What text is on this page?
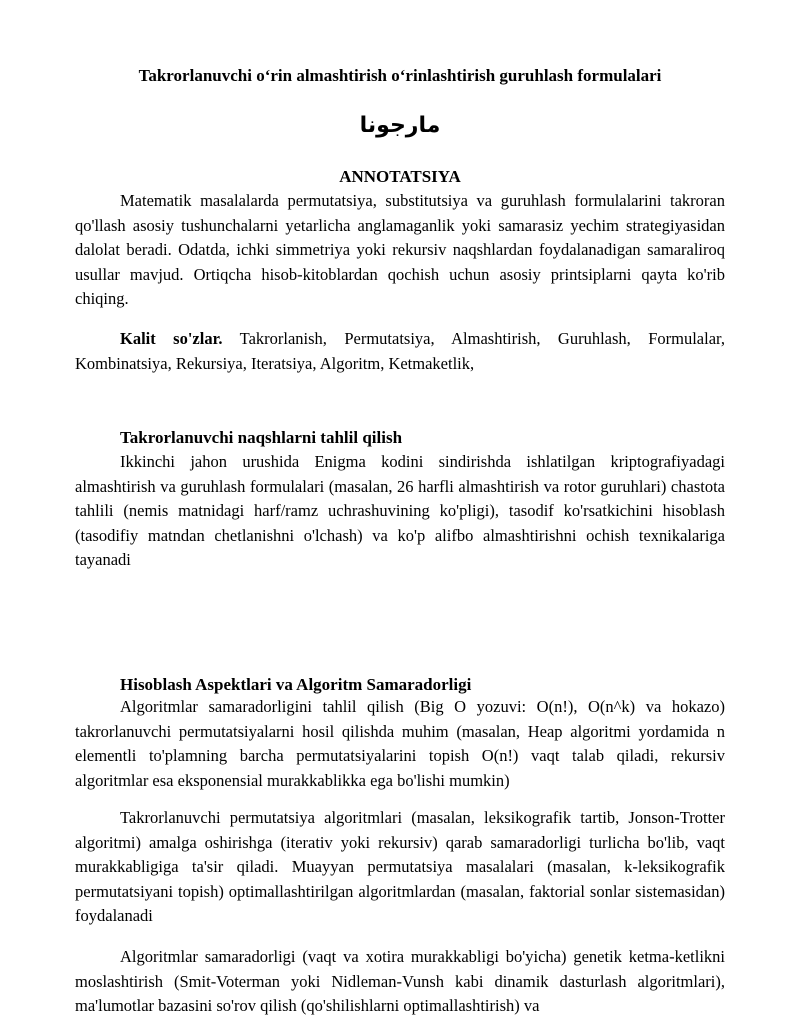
Takrorlanuvchi o‘rin almashtirish o‘rinlashtirish guruhlash formulalari
مارجونا
ANNOTATSIYA

Matematik masalalarda permutatsiya, substitutsiya va guruhlash formulalarini takroran qo'llash asosiy tushunchalarni yetarlicha anglamaganlik yoki samarasiz yechim strategiyasidan dalolat beradi. Odatda, ichki simmetriya yoki rekursiv naqshlardan foydalanadigan samaraliroq usullar mavjud. Ortiqcha hisob-kitoblardan qochish uchun asosiy printsiplarni qayta ko'rib chiqing.

Kalit so'zlar. Takrorlanish, Permutatsiya, Almashtirish, Guruhlash, Formulalar, Kombinatsiya, Rekursiya, Iteratsiya, Algoritm, Ketmaketlik,

Takrorlanuvchi naqshlarni tahlil qilish

Ikkinchi jahon urushida Enigma kodini sindirishda ishlatilgan kriptografiyadagi almashtirish va guruhlash formulalari (masalan, 26 harfli almashtirish va rotor guruhlari) chastota tahlili (nemis matnidagi harf/ramz uchrashuvining ko'pligi), tasodif ko'rsatkichini hisoblash (tasodifiy matndan chetlanishni o'lchash) va ko'p alifbo almashtirishni ochish texnikalariga tayanadi

Hisoblash Aspektlari va Algoritm Samaradorligi

Algoritmlar samaradorligini tahlil qilish (Big O yozuvi: O(n!), O(n^k) va hokazo) takrorlanuvchi permutatsiyalarni hosil qilishda muhim (masalan, Heap algoritmi yordamida n elementli to'plamning barcha permutatsiyalarini topish O(n!) vaqt talab qiladi, rekursiv algoritmlar esa eksponensial murakkablikka ega bo'lishi mumkin)

Takrorlanuvchi permutatsiya algoritmlari (masalan, leksikografik tartib, Jonson-Trotter algoritmi) amalga oshirishga (iterativ yoki rekursiv) qarab samaradorligi turlicha bo'lib, vaqt murakkabligiga ta'sir qiladi. Muayyan permutatsiya masalalari (masalan, k-leksikografik permutatsiyani topish) optimallashtirilgan algoritmlardan (masalan, faktorial sonlar sistemasidan) foydalanadi

Algoritmlar samaradorligi (vaqt va xotira murakkabligi bo'yicha) genetik ketma-ketlikni moslashtirish (Smit-Voterman yoki Nidleman-Vunsh kabi dinamik dasturlash algoritmlari), ma'lumotlar bazasini so'rov qilish (qo'shilishlarni optimallashtirish) va
